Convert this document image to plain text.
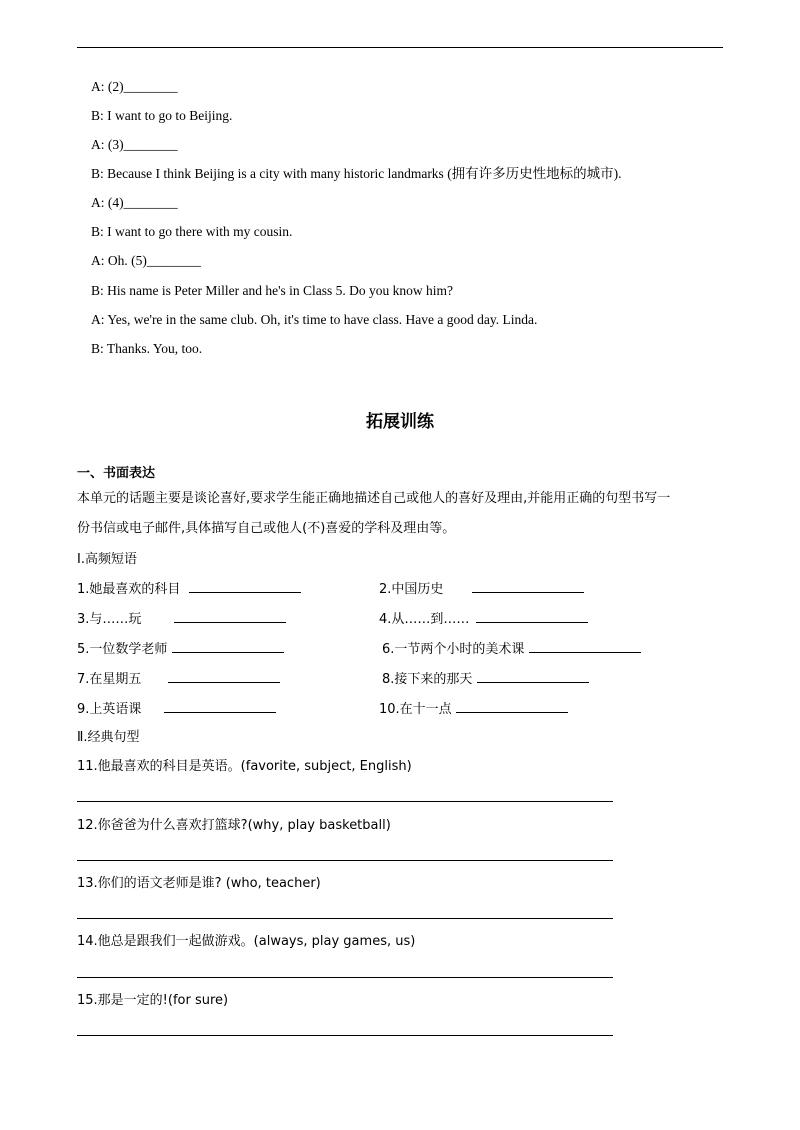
A: (2)________
B: I want to go to Beijing.
A: (3)________
B: Because I think Beijing is a city with many historic landmarks (拥有许多历史性地标的城市).
A: (4)________
B: I want to go there with my cousin.
A: Oh. (5)________
B: His name is Peter Miller and he's in Class 5. Do you know him?
A: Yes, we're in the same club. Oh, it's time to have class. Have a good day. Linda.
B: Thanks. You, too.
拓展训练
一、书面表达
本单元的话题主要是谈论喜好,要求学生能正确地描述自己或他人的喜好及理由,并能用正确的句型书写一
份书信或电子邮件,具体描写自己或他人(不)喜爱的学科及理由等。
Ⅰ.高频短语
1.她最喜欢的科目	2.中国历史
3.与……玩	4.从……到……
5.一位数学老师	6.一节两个小时的美术课
7.在星期五	8.接下来的那天
9.上英语课	10.在十一点
Ⅱ.经典句型
11.他最喜欢的科目是英语。(favorite, subject, English)
12.你爸爸为什么喜欢打篮球?(why, play basketball)
13.你们的语文老师是谁? (who, teacher)
14.他总是跟我们一起做游戏。(always, play games, us)
15.那是一定的!(for sure)
